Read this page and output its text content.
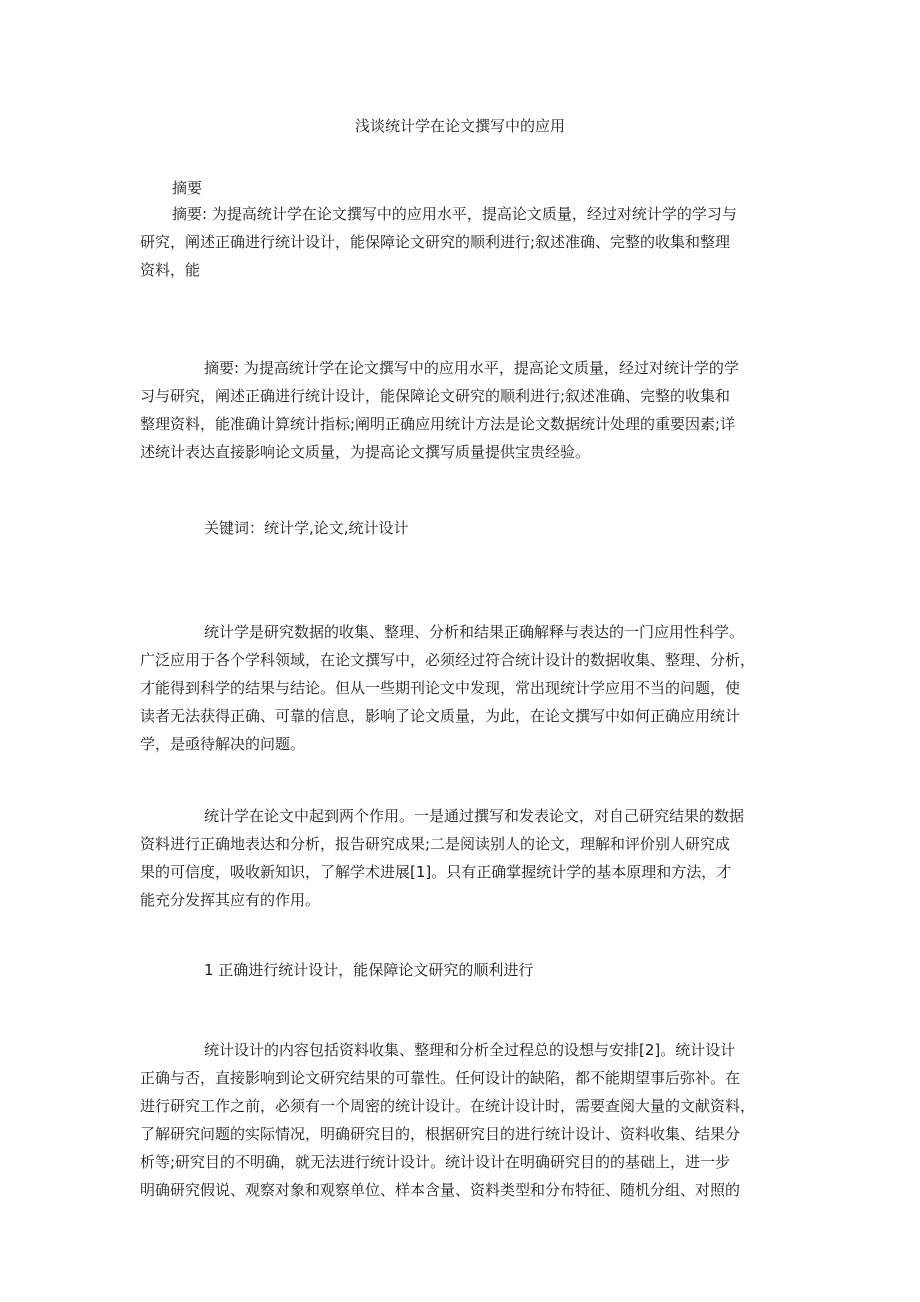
浅谈统计学在论文撰写中的应用
摘要
摘要: 为提高统计学在论文撰写中的应用水平，提高论文质量，经过对统计学的学习与
研究，阐述正确进行统计设计，能保障论文研究的顺利进行;叙述准确、完整的收集和整理
资料，能
摘要: 为提高统计学在论文撰写中的应用水平，提高论文质量，经过对统计学的学
习与研究，阐述正确进行统计设计，能保障论文研究的顺利进行;叙述准确、完整的收集和
整理资料，能准确计算统计指标;阐明正确应用统计方法是论文数据统计处理的重要因素;详
述统计表达直接影响论文质量，为提高论文撰写质量提供宝贵经验。
关键词：统计学,论文,统计设计
统计学是研究数据的收集、整理、分析和结果正确解释与表达的一门应用性科学。
广泛应用于各个学科领域，在论文撰写中，必须经过符合统计设计的数据收集、整理、分析，
才能得到科学的结果与结论。但从一些期刊论文中发现，常出现统计学应用不当的问题，使
读者无法获得正确、可靠的信息，影响了论文质量，为此，在论文撰写中如何正确应用统计
学，是亟待解决的问题。
统计学在论文中起到两个作用。一是通过撰写和发表论文，对自己研究结果的数据
资料进行正确地表达和分析，报告研究成果;二是阅读别人的论文，理解和评价别人研究成
果的可信度，吸收新知识，了解学术进展[1]。只有正确掌握统计学的基本原理和方法，才
能充分发挥其应有的作用。
1 正确进行统计设计，能保障论文研究的顺利进行
统计设计的内容包括资料收集、整理和分析全过程总的设想与安排[2]。统计设计
正确与否，直接影响到论文研究结果的可靠性。任何设计的缺陷，都不能期望事后弥补。在
进行研究工作之前，必须有一个周密的统计设计。在统计设计时，需要查阅大量的文献资料，
了解研究问题的实际情况，明确研究目的，根据研究目的进行统计设计、资料收集、结果分
析等;研究目的不明确，就无法进行统计设计。统计设计在明确研究目的的基础上，进一步
明确研究假说、观察对象和观察单位、样本含量、资料类型和分布特征、随机分组、对照的
